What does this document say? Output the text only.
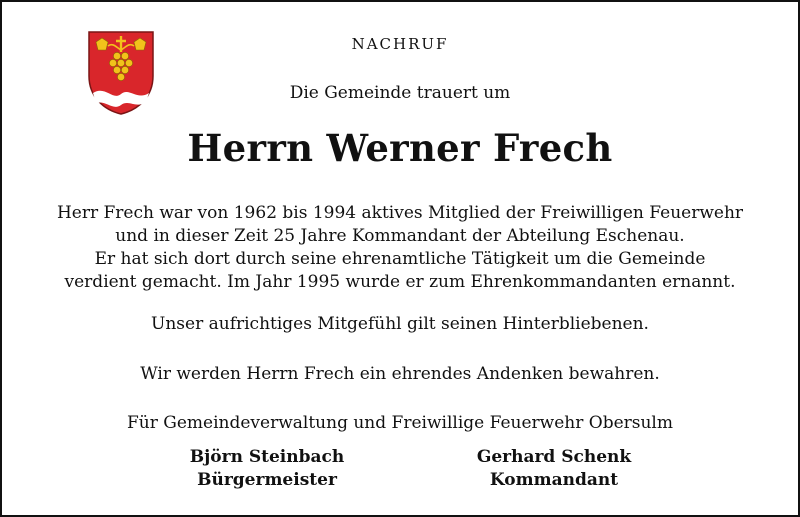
NACHRUF
Die Gemeinde trauert um
Herrn Werner Frech
Herr Frech war von 1962 bis 1994 aktives Mitglied der Freiwilligen Feuerwehr
und in dieser Zeit 25 Jahre Kommandant der Abteilung Eschenau.
Er hat sich dort durch seine ehrenamtliche Tätigkeit um die Gemeinde
verdient gemacht. Im Jahr 1995 wurde er zum Ehrenkommandanten ernannt.
Unser aufrichtiges Mitgefühl gilt seinen Hinterbliebenen.
Wir werden Herrn Frech ein ehrendes Andenken bewahren.
Für Gemeindeverwaltung und Freiwillige Feuerwehr Obersulm
Björn Steinbach
Bürgermeister
Gerhard Schenk
Kommandant
